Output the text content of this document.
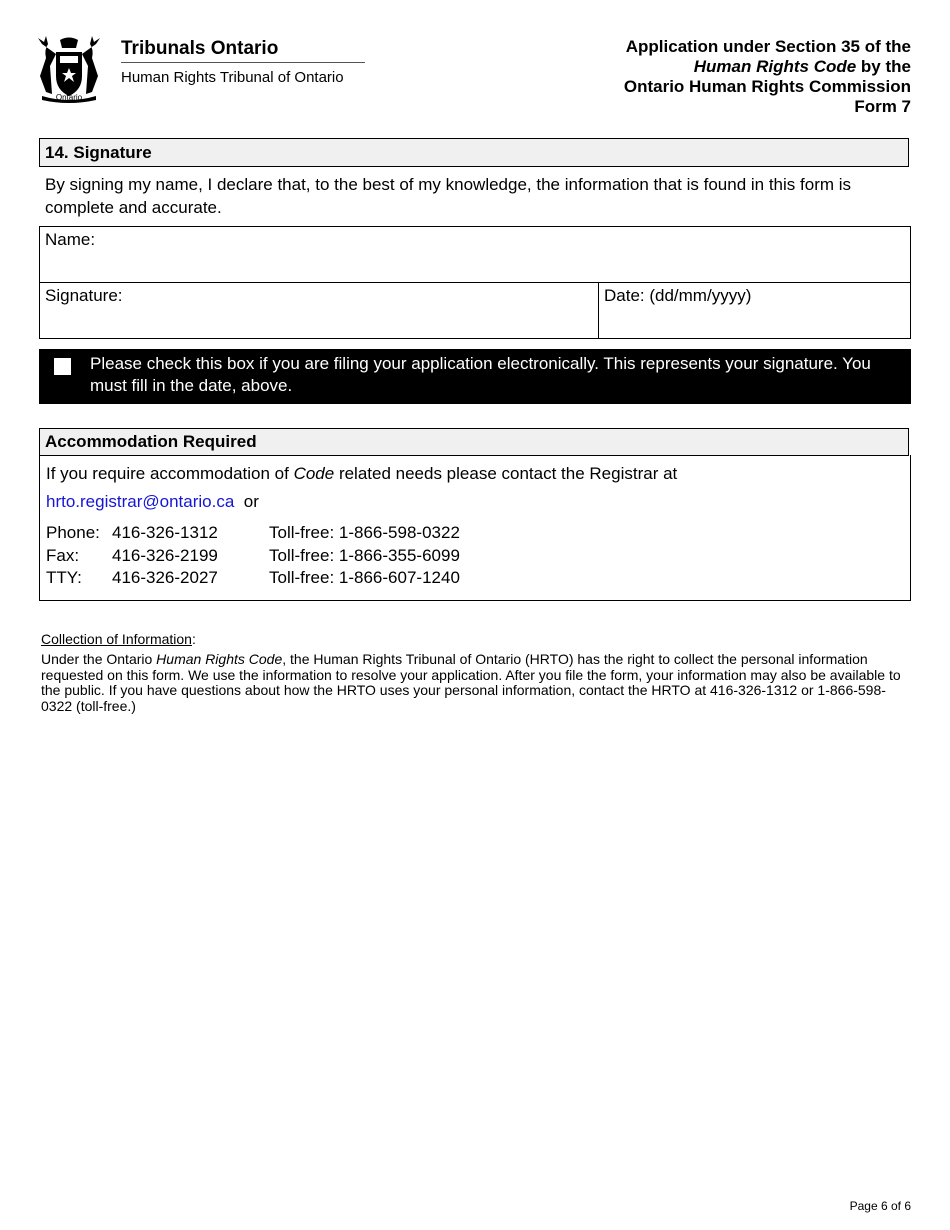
Ontario
Tribunals Ontario
Human Rights Tribunal of Ontario
Application under Section 35 of the
Human Rights Code by the
Ontario Human Rights Commission
Form 7
14. Signature
By signing my name, I declare that, to the best of my knowledge, the information that is found in this form is complete and accurate.
Name:
Signature:	Date: (dd/mm/yyyy)
Please check this box if you are filing your application electronically. This represents your signature. You must fill in the date, above.
Accommodation Required
If you require accommodation of Code related needs please contact the Registrar at
hrto.registrar@ontario.ca or
Phone: 416-326-1312	Toll-free: 1-866-598-0322
Fax: 416-326-2199	Toll-free: 1-866-355-6099
TTY: 416-326-2027	Toll-free: 1-866-607-1240
Collection of Information:
Under the Ontario Human Rights Code, the Human Rights Tribunal of Ontario (HRTO) has the right to collect the personal information requested on this form. We use the information to resolve your application. After you file the form, your information may also be available to the public. If you have questions about how the HRTO uses your personal information, contact the HRTO at 416-326-1312 or 1-866-598-0322 (toll-free.)
Page 6 of 6
